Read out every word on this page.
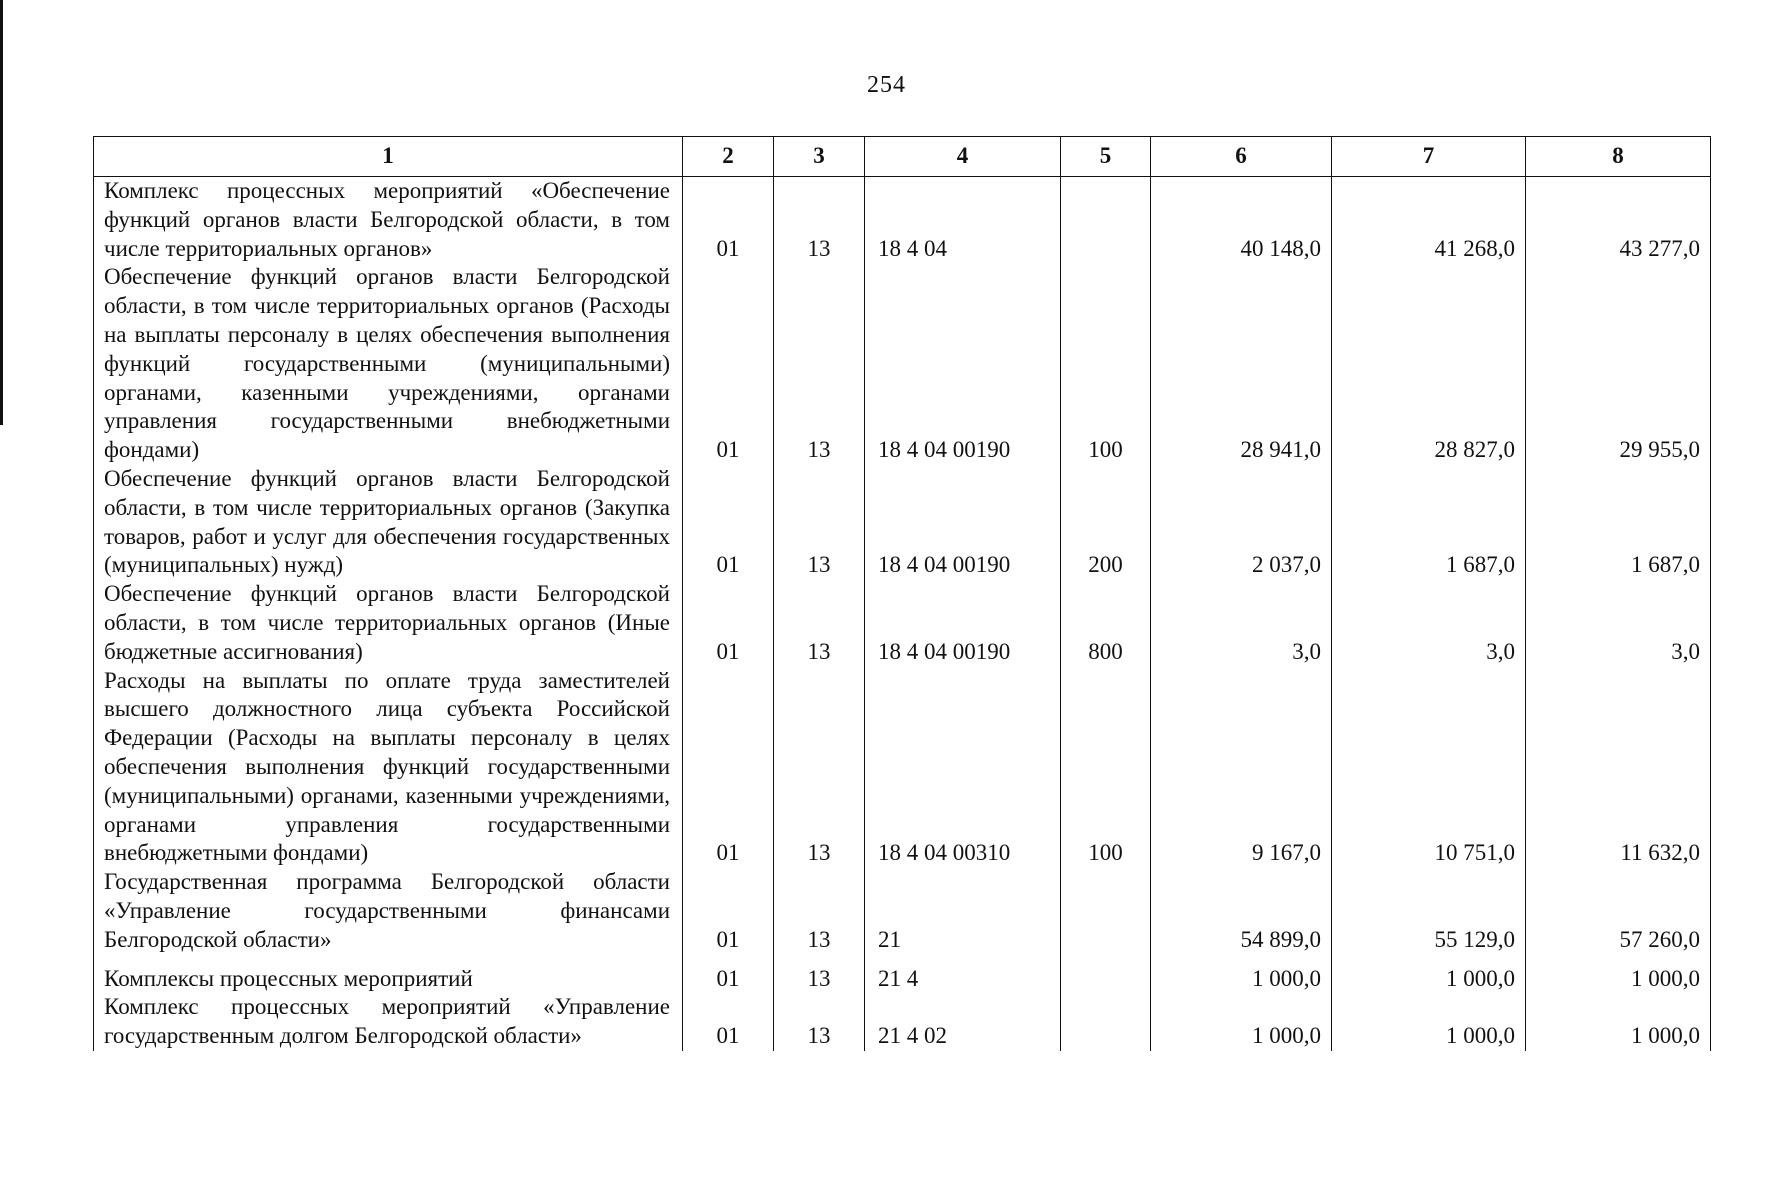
254
1	2	3	4	5	6	7	8
Комплекс процессных мероприятий «Обеспечение функций органов власти Белгородской области, в том числе территориальных органов»	01	13	18 4 04		40 148,0	41 268,0	43 277,0
Обеспечение функций органов власти Белгородской области, в том числе территориальных органов (Расходы на выплаты персоналу в целях обеспечения выполнения функций государственными (муниципальными) органами, казенными учреждениями, органами управления государственными внебюджетными фондами)	01	13	18 4 04 00190	100	28 941,0	28 827,0	29 955,0
Обеспечение функций органов власти Белгородской области, в том числе территориальных органов (Закупка товаров, работ и услуг для обеспечения государственных (муниципальных) нужд)	01	13	18 4 04 00190	200	2 037,0	1 687,0	1 687,0
Обеспечение функций органов власти Белгородской области, в том числе территориальных органов (Иные бюджетные ассигнования)	01	13	18 4 04 00190	800	3,0	3,0	3,0
Расходы на выплаты по оплате труда заместителей высшего должностного лица субъекта Российской Федерации (Расходы на выплаты персоналу в целях обеспечения выполнения функций государственными (муниципальными) органами, казенными учреждениями, органами управления государственными внебюджетными фондами)	01	13	18 4 04 00310	100	9 167,0	10 751,0	11 632,0
Государственная программа Белгородской области «Управление государственными финансами Белгородской области»	01	13	21		54 899,0	55 129,0	57 260,0

Комплексы процессных мероприятий	01	13	21 4		1 000,0	1 000,0	1 000,0
Комплекс процессных мероприятий «Управление государственным долгом Белгородской области»	01	13	21 4 02		1 000,0	1 000,0	1 000,0
